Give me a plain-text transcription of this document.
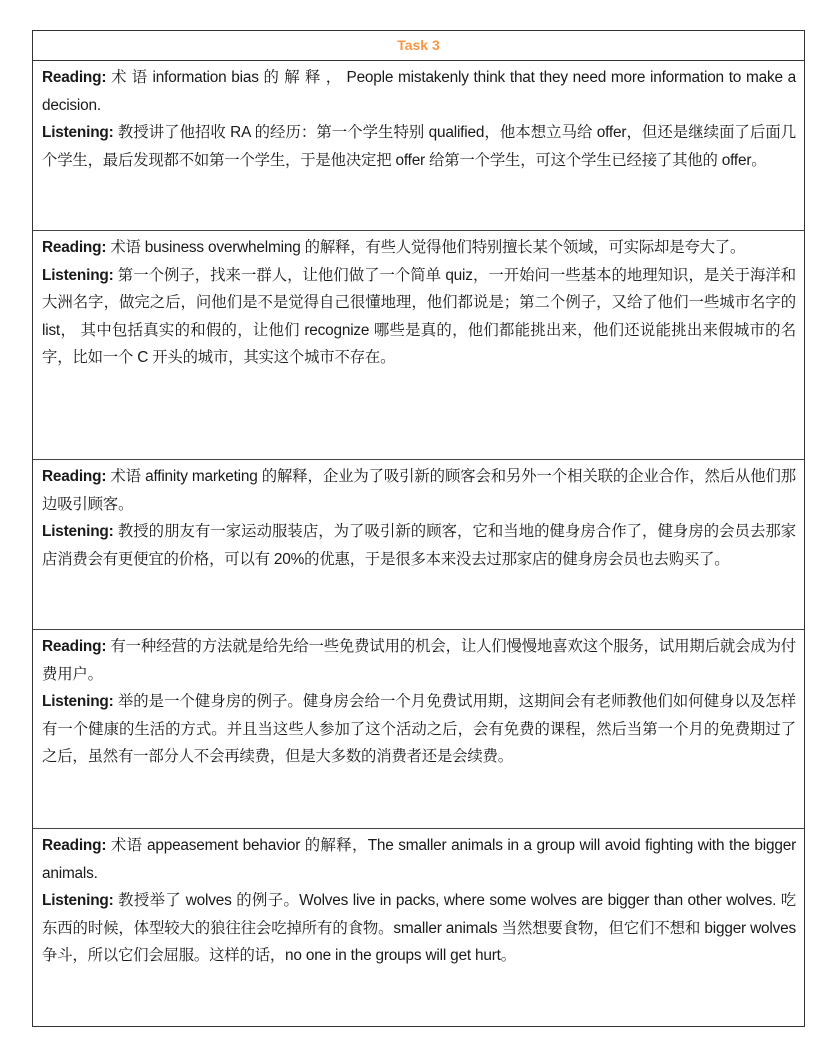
Task 3

Reading: 术 语 information bias 的 解 释 ， People mistakenly think that they need more information to make a decision.

Listening: 教授讲了他招收 RA 的经历：第一个学生特别 qualified，他本想立马给 offer，但还是继续面了后面几个学生，最后发现都不如第一个学生，于是他决定把 offer 给第一个学生，可这个学生已经接了其他的 offer。

Reading: 术语 business overwhelming 的解释，有些人觉得他们特别擅长某个领域，可实际却是夸大了。

Listening: 第一个例子，找来一群人，让他们做了一个简单 quiz，一开始问一些基本的地理知识，是关于海洋和大洲名字，做完之后，问他们是不是觉得自己很懂地理，他们都说是；第二个例子，又给了他们一些城市名字的 list， 其中包括真实的和假的，让他们 recognize 哪些是真的，他们都能挑出来，他们还说能挑出来假城市的名字，比如一个 C 开头的城市，其实这个城市不存在。

Reading: 术语 affinity marketing 的解释，企业为了吸引新的顾客会和另外一个相关联的企业合作，然后从他们那边吸引顾客。

Listening: 教授的朋友有一家运动服装店，为了吸引新的顾客，它和当地的健身房合作了，健身房的会员去那家店消费会有更便宜的价格，可以有 20%的优惠，于是很多本来没去过那家店的健身房会员也去购买了。

Reading: 有一种经营的方法就是给先给一些免费试用的机会，让人们慢慢地喜欢这个服务，试用期后就会成为付费用户。

Listening: 举的是一个健身房的例子。健身房会给一个月免费试用期，这期间会有老师教他们如何健身以及怎样有一个健康的生活的方式。并且当这些人参加了这个活动之后，会有免费的课程，然后当第一个月的免费期过了之后，虽然有一部分人不会再续费，但是大多数的消费者还是会续费。

Reading: 术语 appeasement behavior 的解释，The smaller animals in a group will avoid fighting with the bigger animals.

Listening: 教授举了 wolves 的例子。Wolves live in packs, where some wolves are bigger than other wolves. 吃东西的时候，体型较大的狼往往会吃掉所有的食物。smaller animals 当然想要食物，但它们不想和 bigger wolves 争斗，所以它们会屈服。这样的话，no one in the groups will get hurt。
